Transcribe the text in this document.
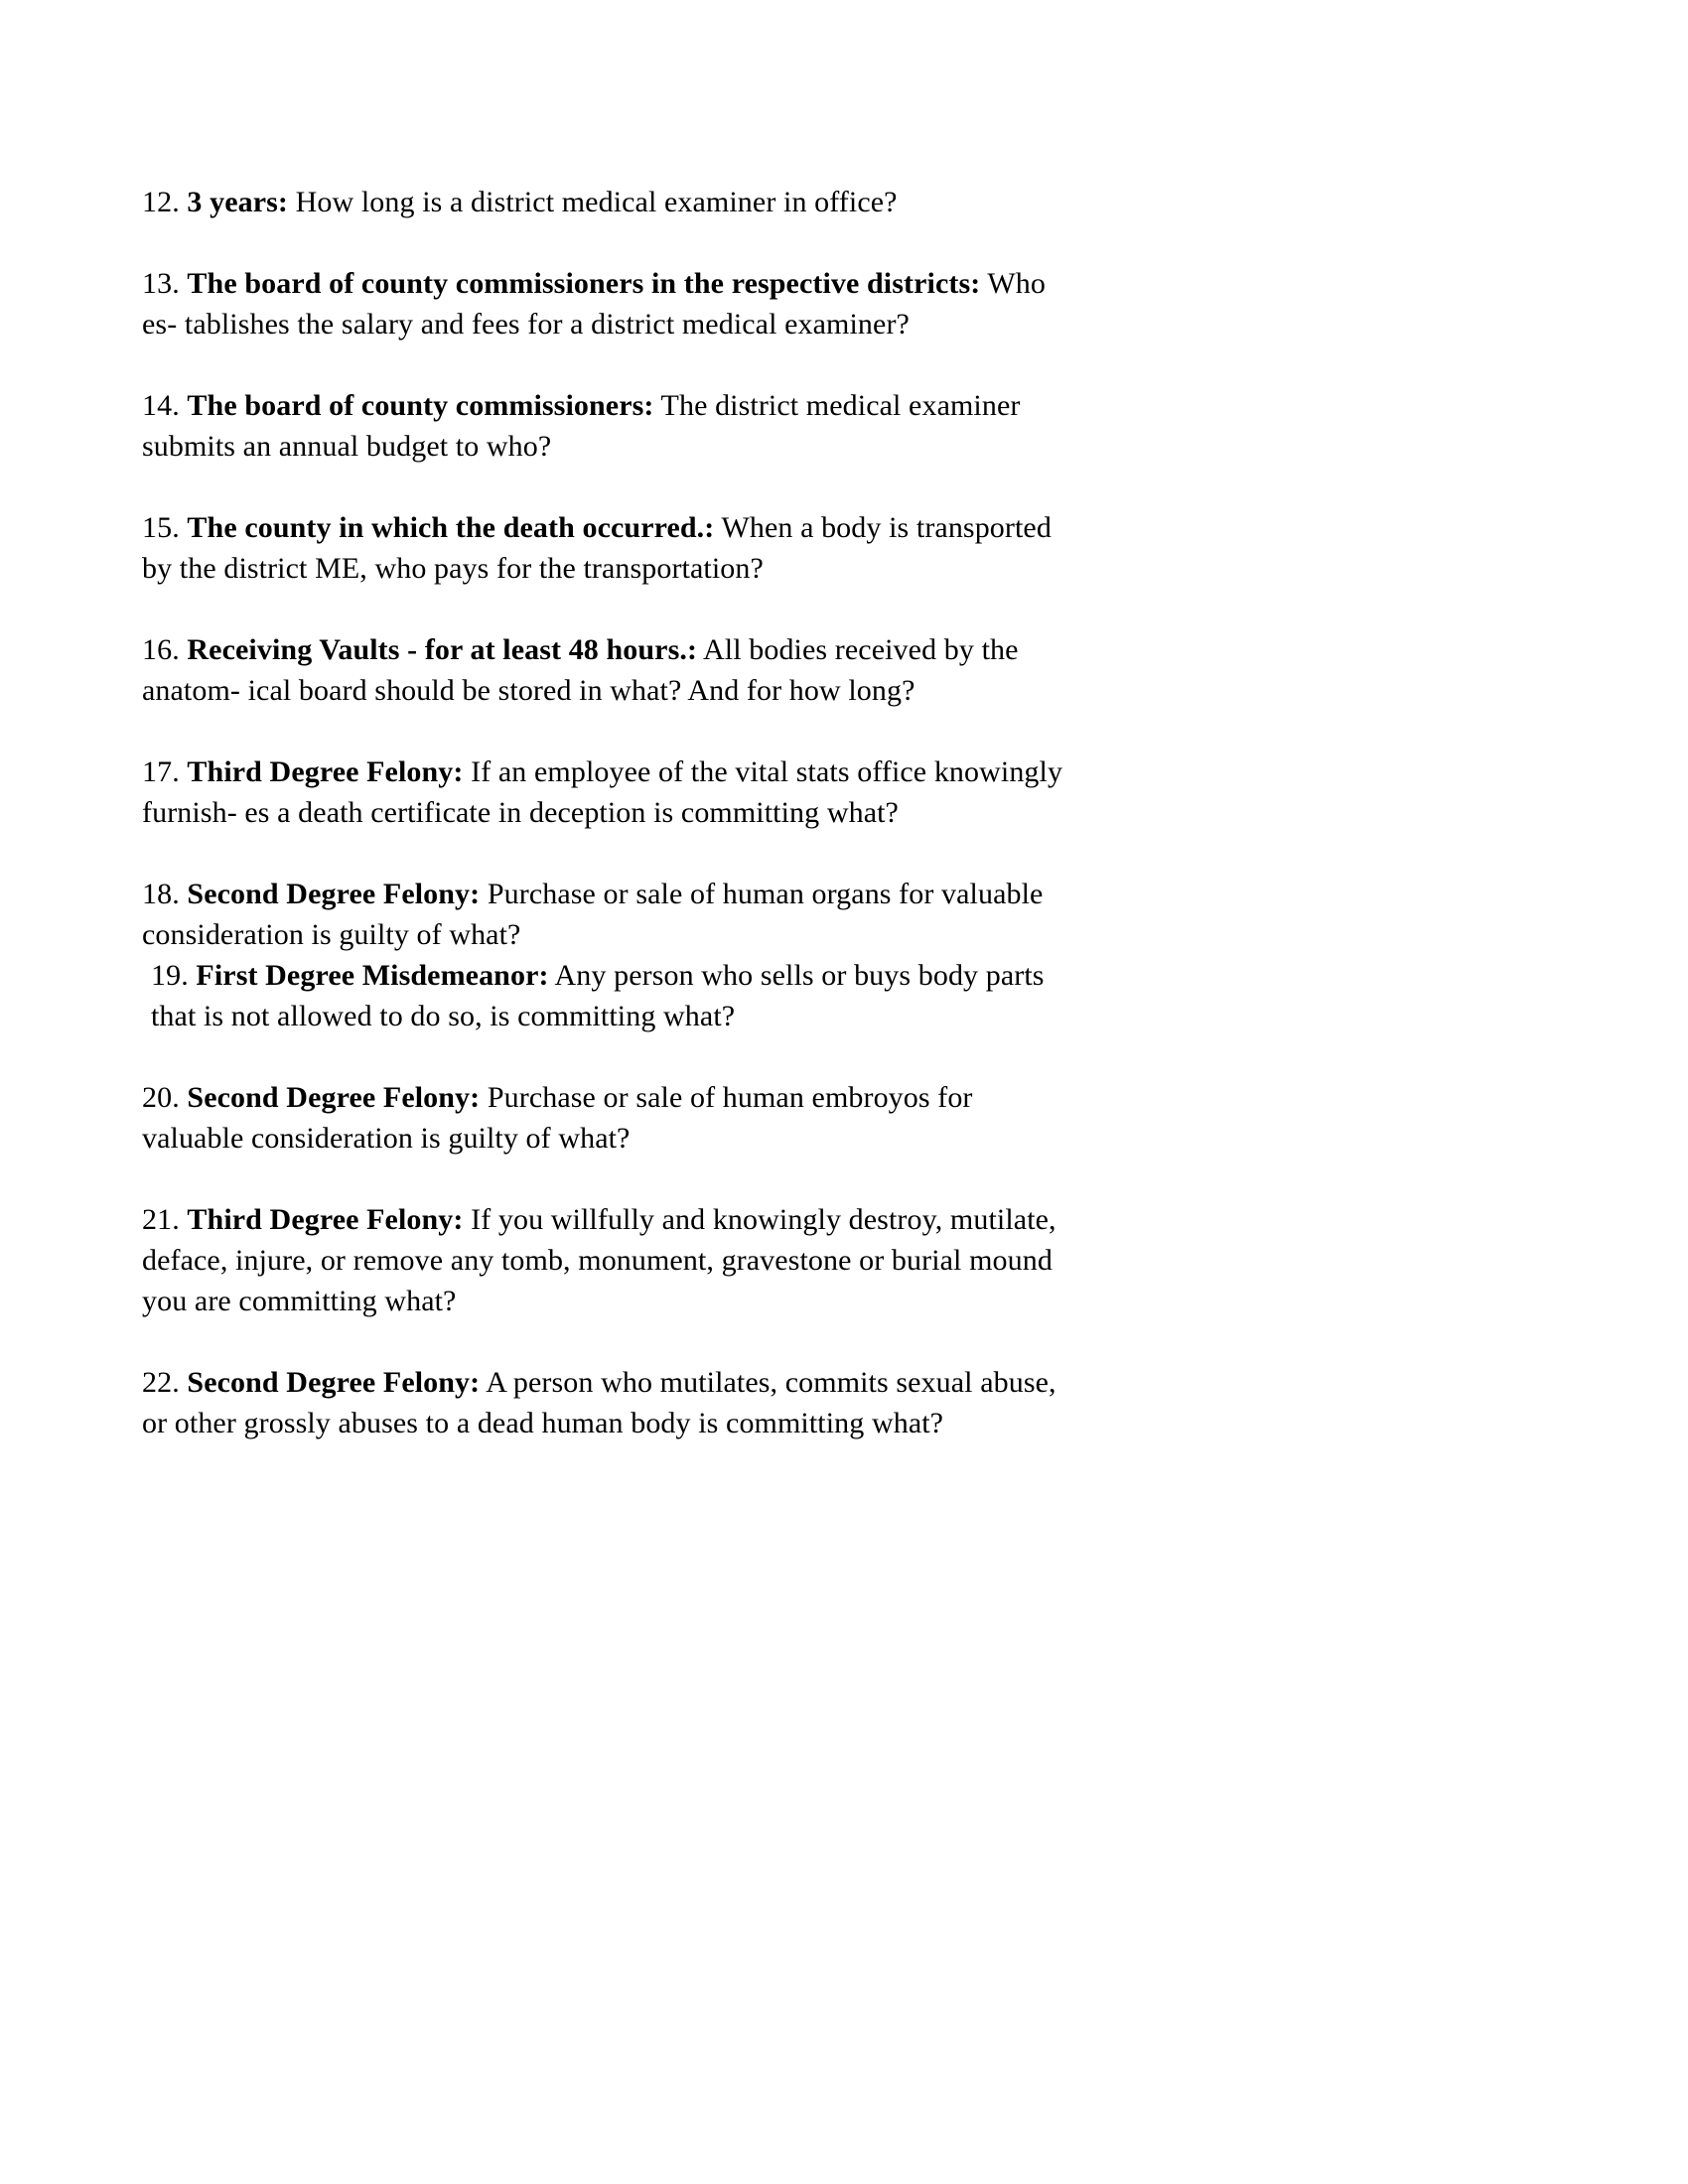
12. 3 years: How long is a district medical examiner in office?

13. The board of county commissioners in the respective districts: Who es- tablishes the salary and fees for a district medical examiner?

14. The board of county commissioners: The district medical examiner submits an annual budget to who?

15. The county in which the death occurred.: When a body is transported by the district ME, who pays for the transportation?

16. Receiving Vaults - for at least 48 hours.: All bodies received by the anatom- ical board should be stored in what? And for how long?

17. Third Degree Felony: If an employee of the vital stats office knowingly furnish- es a death certificate in deception is committing what?

18. Second Degree Felony: Purchase or sale of human organs for valuable consideration is guilty of what?

19. First Degree Misdemeanor: Any person who sells or buys body parts that is not allowed to do so, is committing what?

20. Second Degree Felony: Purchase or sale of human embroyos for valuable consideration is guilty of what?

21. Third Degree Felony: If you willfully and knowingly destroy, mutilate, deface, injure, or remove any tomb, monument, gravestone or burial mound you are committing what?

22. Second Degree Felony: A person who mutilates, commits sexual abuse, or other grossly abuses to a dead human body is committing what?
